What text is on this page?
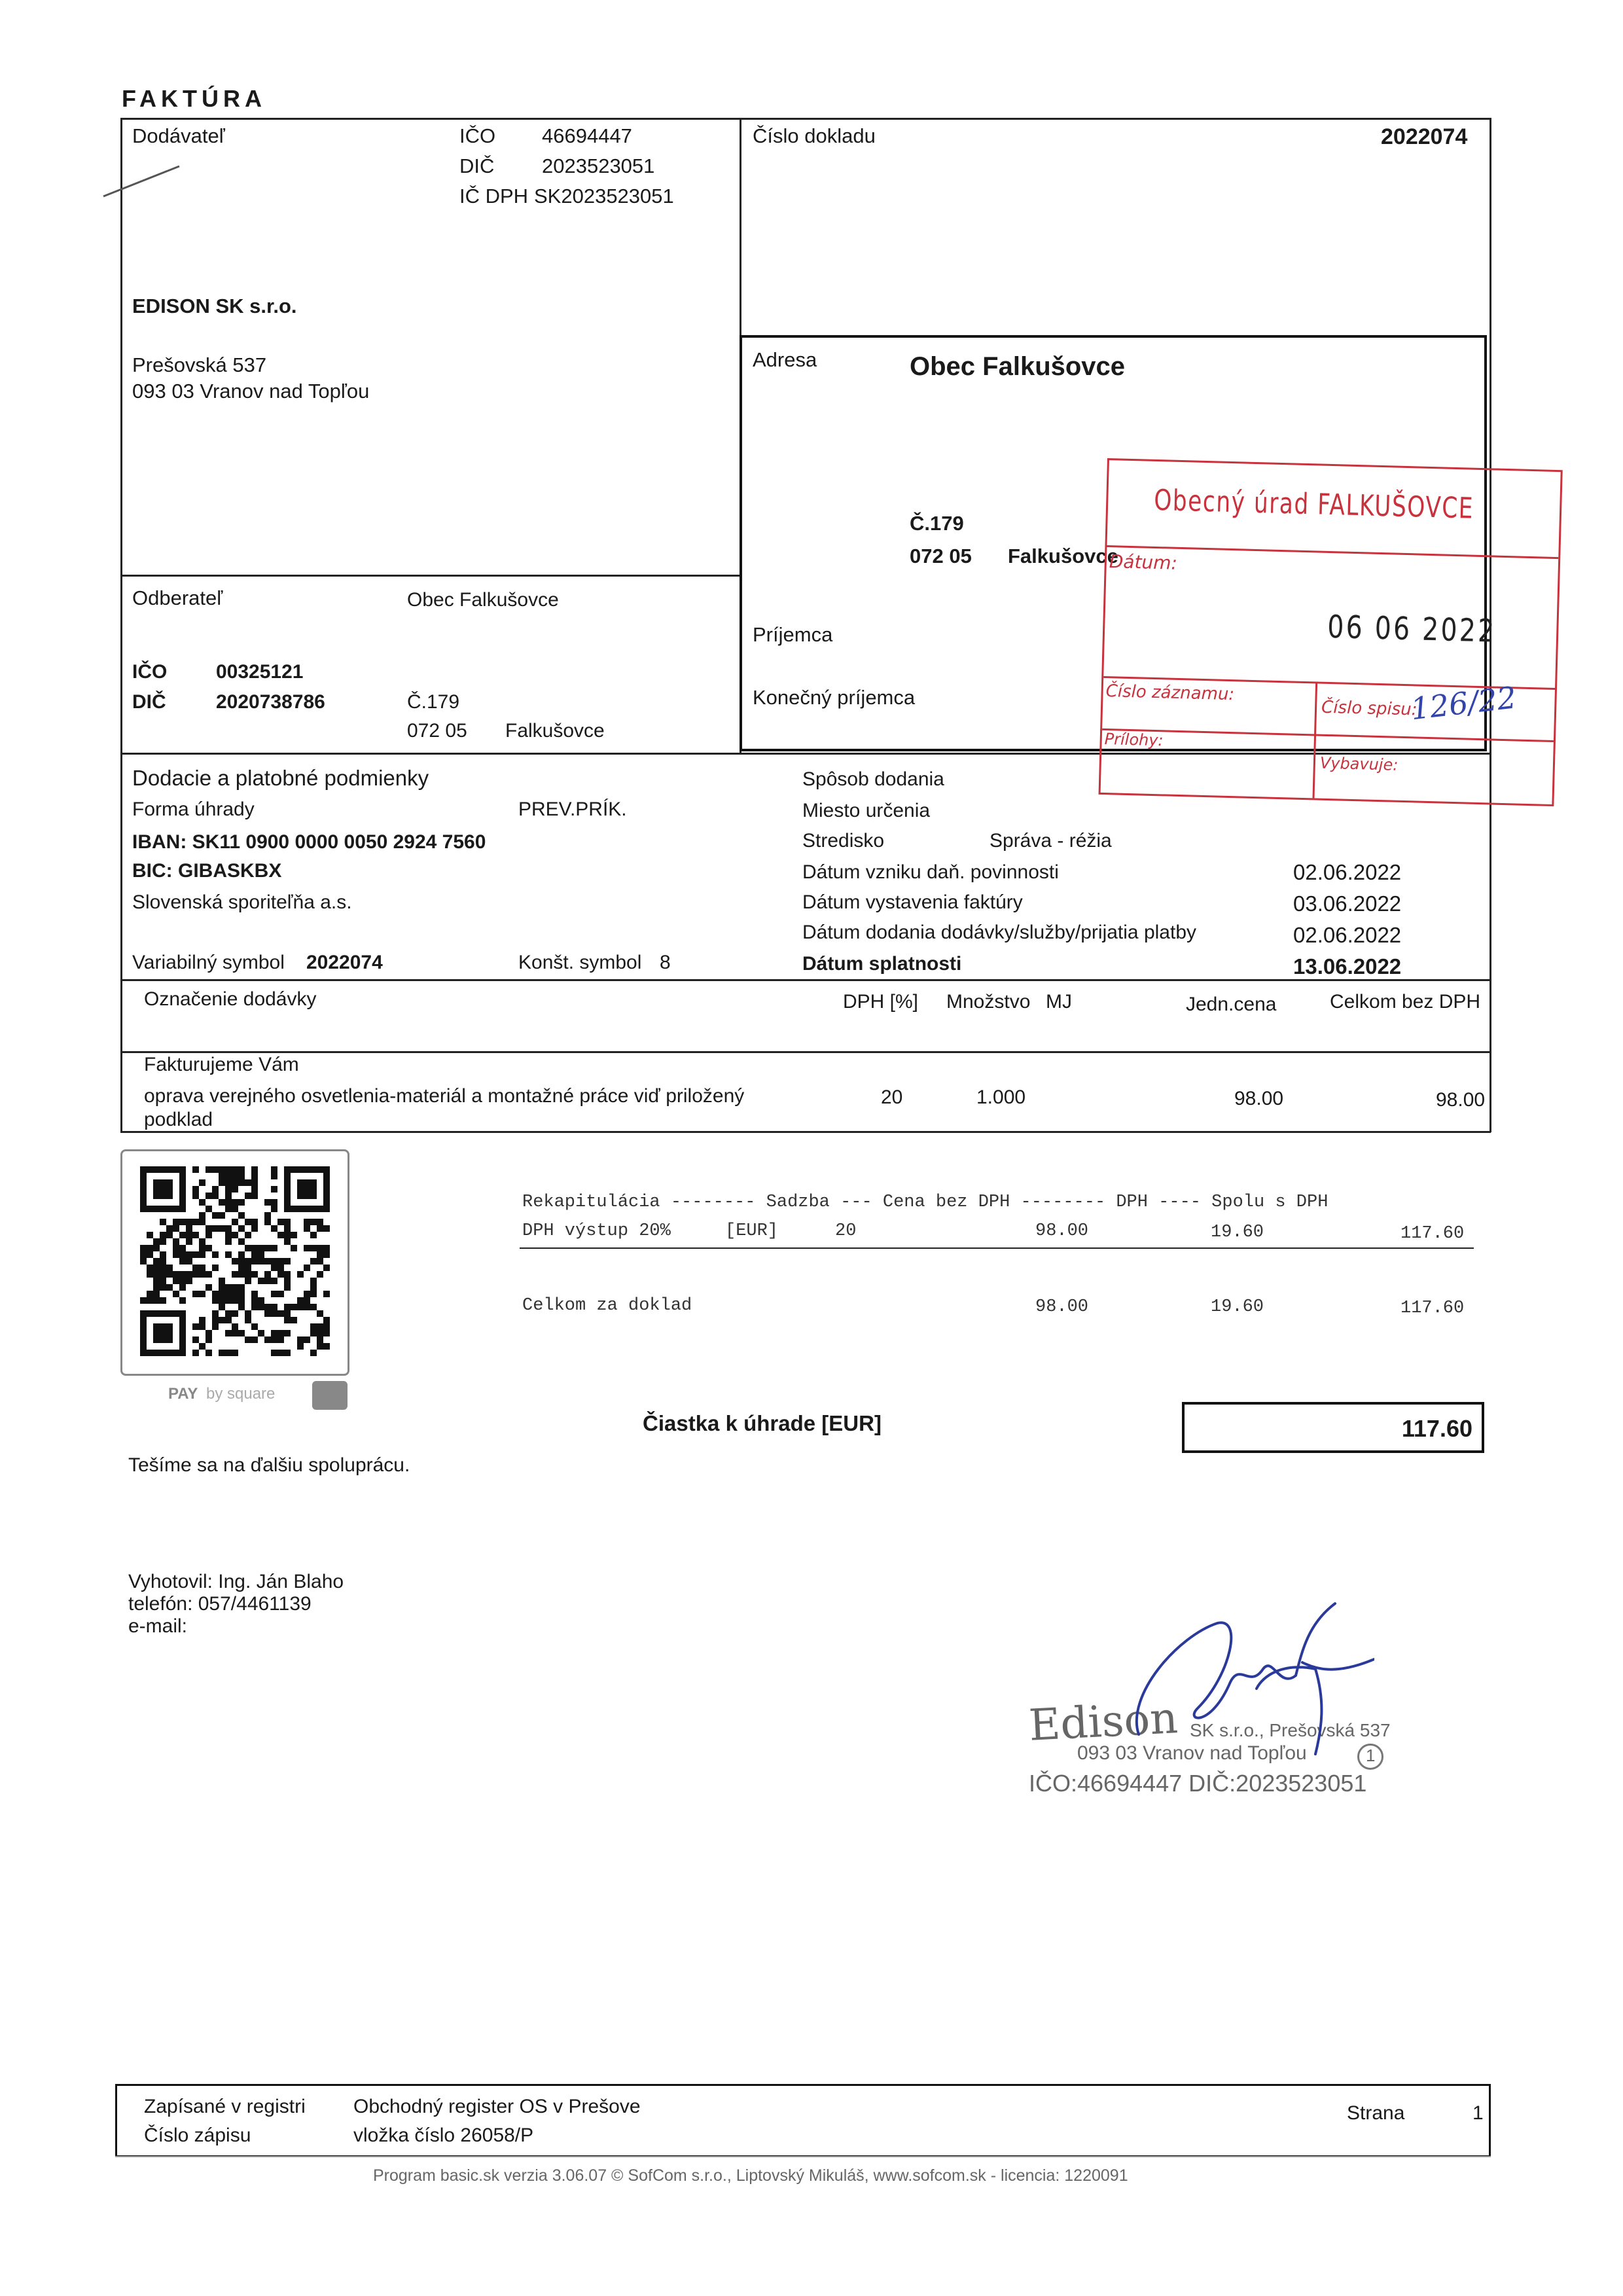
FAKTÚRA
Dodávateľ	IČO 46694447
DIČ 2023523051
IČ DPH SK2023523051
EDISON SK s.r.o.
Prešovská 537
093 03 Vranov nad Topľou
Číslo dokladu	2022074
Adresa	Obec Falkušovce
Č.179
072 05 Falkušovce
Príjemca
Konečný príjemca
Odberateľ	Obec Falkušovce
IČO 00325121
DIČ	2020738786	Č.179
072 05 Falkušovce
Obecný úrad FALKUŠOVCE
Dátum:
06 06 2022
Číslo záznamu:
Číslo spisu:
126/22
Prílohy:
Vybavuje:
Dodacie a platobné podmienky
Forma úhrady	PREV.PRÍK.
IBAN: SK11 0900 0000 0050 2924 7560
BIC: GIBASKBX
Slovenská sporiteľňa a.s.
Variabilný symbol 2022074	Konšt. symbol 8
Spôsob dodania
Miesto určenia
Stredisko	Správa - réžia
Dátum vzniku daň. povinnosti	02.06.2022
Dátum vystavenia faktúry	03.06.2022
Dátum dodania dodávky/služby/prijatia platby	02.06.2022
Dátum splatnosti	13.06.2022
Označenie dodávky	DPH [%] Množstvo MJ	Jedn.cena	Celkom bez DPH
Fakturujeme Vám
oprava verejného osvetlenia-materiál a montažné práce viď priložený
podklad
20	1.000	98.00	98.00
PAY by square
Rekapitulácia -------- Sadzba --- Cena bez DPH -------- DPH ---- Spolu s DPH
DPH výstup 20%	[EUR]	20	98.00	19.60	117.60
Celkom za doklad	98.00	19.60	117.60
Čiastka k úhrade [EUR]	117.60
Tešíme sa na ďalšiu spoluprácu.
Vyhotovil: Ing. Ján Blaho
telefón: 057/4461139
e-mail:
Edison SK s.r.o., Prešovská 537
093 03 Vranov nad Topľou	1
IČO:46694447 DIČ:2023523051
Zapísané v registri Obchodný register OS v Prešove
Číslo zápisu	vložka číslo 26058/P
Strana	1
Program basic.sk verzia 3.06.07 © SofCom s.r.o., Liptovský Mikuláš, www.sofcom.sk - licencia: 1220091
